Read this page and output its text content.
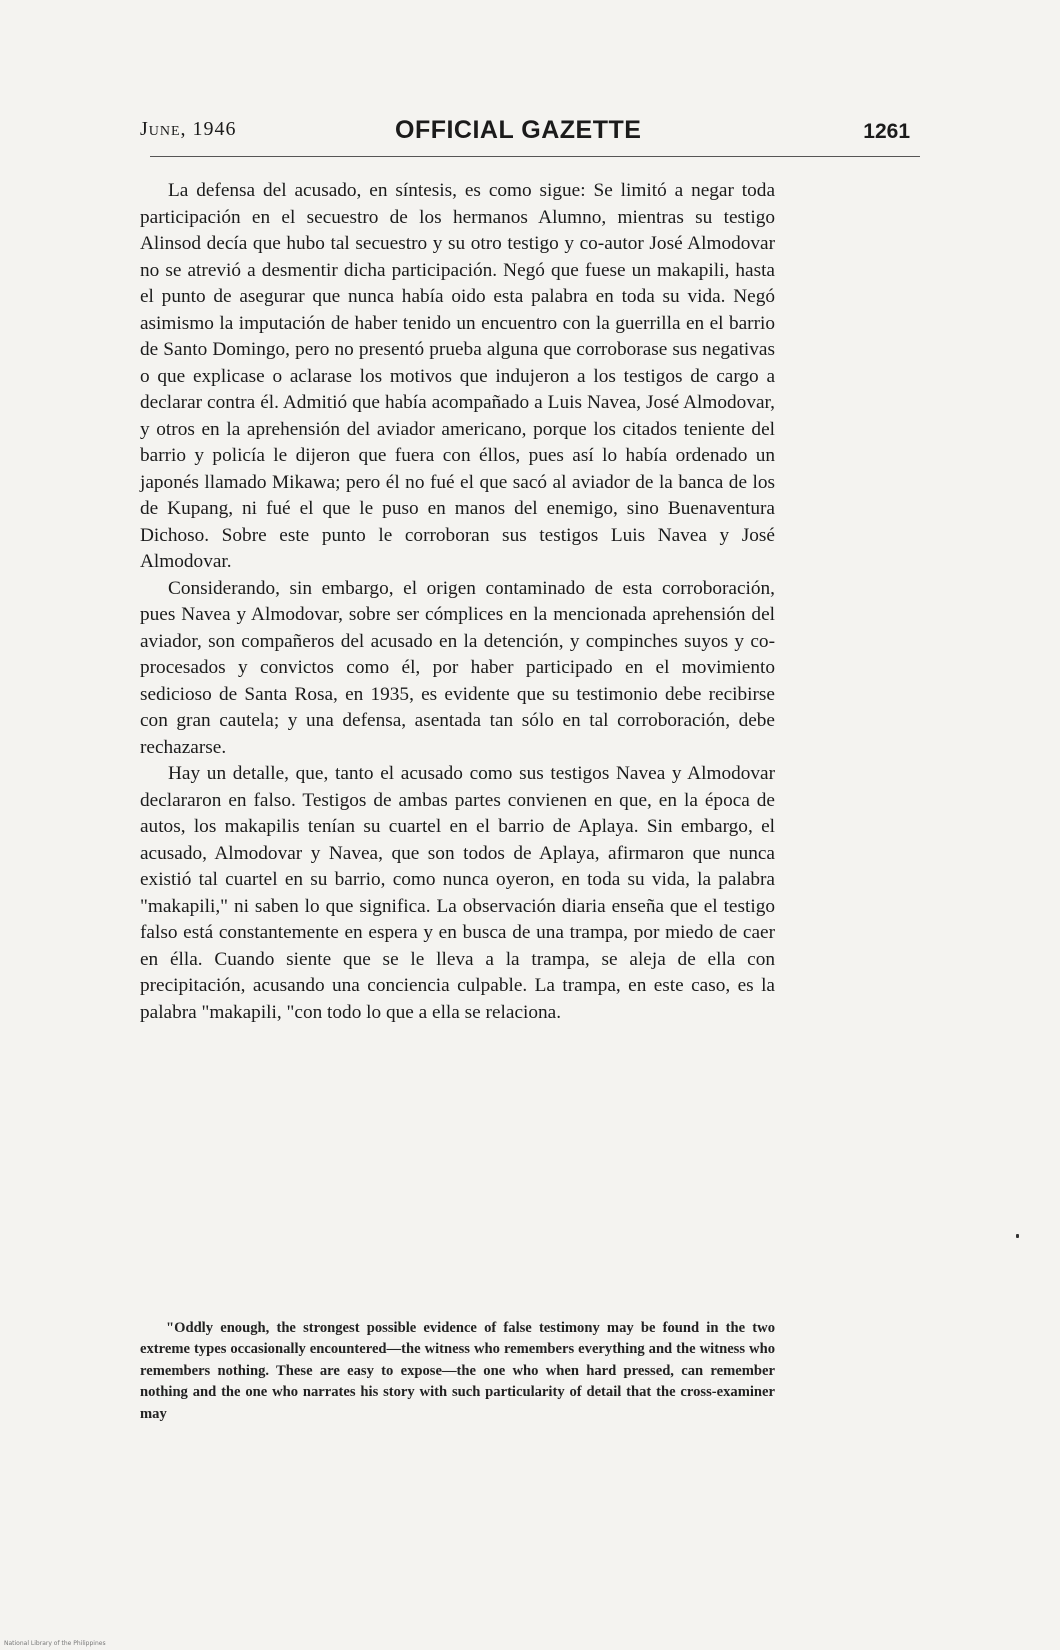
June, 1946	OFFICIAL GAZETTE	1261

La defensa del acusado, en síntesis, es como sigue: Se limitó a negar toda participación en el secuestro de los hermanos Alumno, mientras su testigo Alinsod decía que hubo tal secuestro y su otro testigo y co-autor José Almodovar no se atrevió a desmentir dicha participación. Negó que fuese un makapili, hasta el punto de asegurar que nunca había oido esta palabra en toda su vida. Negó asimismo la imputación de haber tenido un encuentro con la guerrilla en el barrio de Santo Domingo, pero no presentó prueba alguna que corroborase sus negativas o que explicase o aclarase los motivos que indujeron a los testigos de cargo a declarar contra él. Admitió que había acompañado a Luis Navea, José Almodovar, y otros en la aprehensión del aviador americano, porque los citados teniente del barrio y policía le dijeron que fuera con éllos, pues así lo había ordenado un japonés llamado Mikawa; pero él no fué el que sacó al aviador de la banca de los de Kupang, ni fué el que le puso en manos del enemigo, sino Buenaventura Dichoso. Sobre este punto le corroboran sus testigos Luis Navea y José Almodovar.

Considerando, sin embargo, el origen contaminado de esta corroboración, pues Navea y Almodovar, sobre ser cómplices en la mencionada aprehensión del aviador, son compañeros del acusado en la detención, y compinches suyos y co-procesados y convictos como él, por haber participado en el movimiento sedicioso de Santa Rosa, en 1935, es evidente que su testimonio debe recibirse con gran cautela; y una defensa, asentada tan sólo en tal corroboración, debe rechazarse.

Hay un detalle, que, tanto el acusado como sus testigos Navea y Almodovar declararon en falso. Testigos de ambas partes convienen en que, en la época de autos, los makapilis tenían su cuartel en el barrio de Aplaya. Sin embargo, el acusado, Almodovar y Navea, que son todos de Aplaya, afirmaron que nunca existió tal cuartel en su barrio, como nunca oyeron, en toda su vida, la palabra "makapili," ni saben lo que significa. La observación diaria enseña que el testigo falso está constantemente en espera y en busca de una trampa, por miedo de caer en élla. Cuando siente que se le lleva a la trampa, se aleja de ella con precipitación, acusando una conciencia culpable. La trampa, en este caso, es la palabra "makapili, "con todo lo que a ella se relaciona.

"Oddly enough, the strongest possible evidence of false testimony may be found in the two extreme types occasionally encountered—the witness who remembers everything and the witness who remembers nothing. These are easy to expose—the one who when hard pressed, can remember nothing and the one who narrates his story with such particularity of detail that the cross-examiner may
National Library of the Philippines
